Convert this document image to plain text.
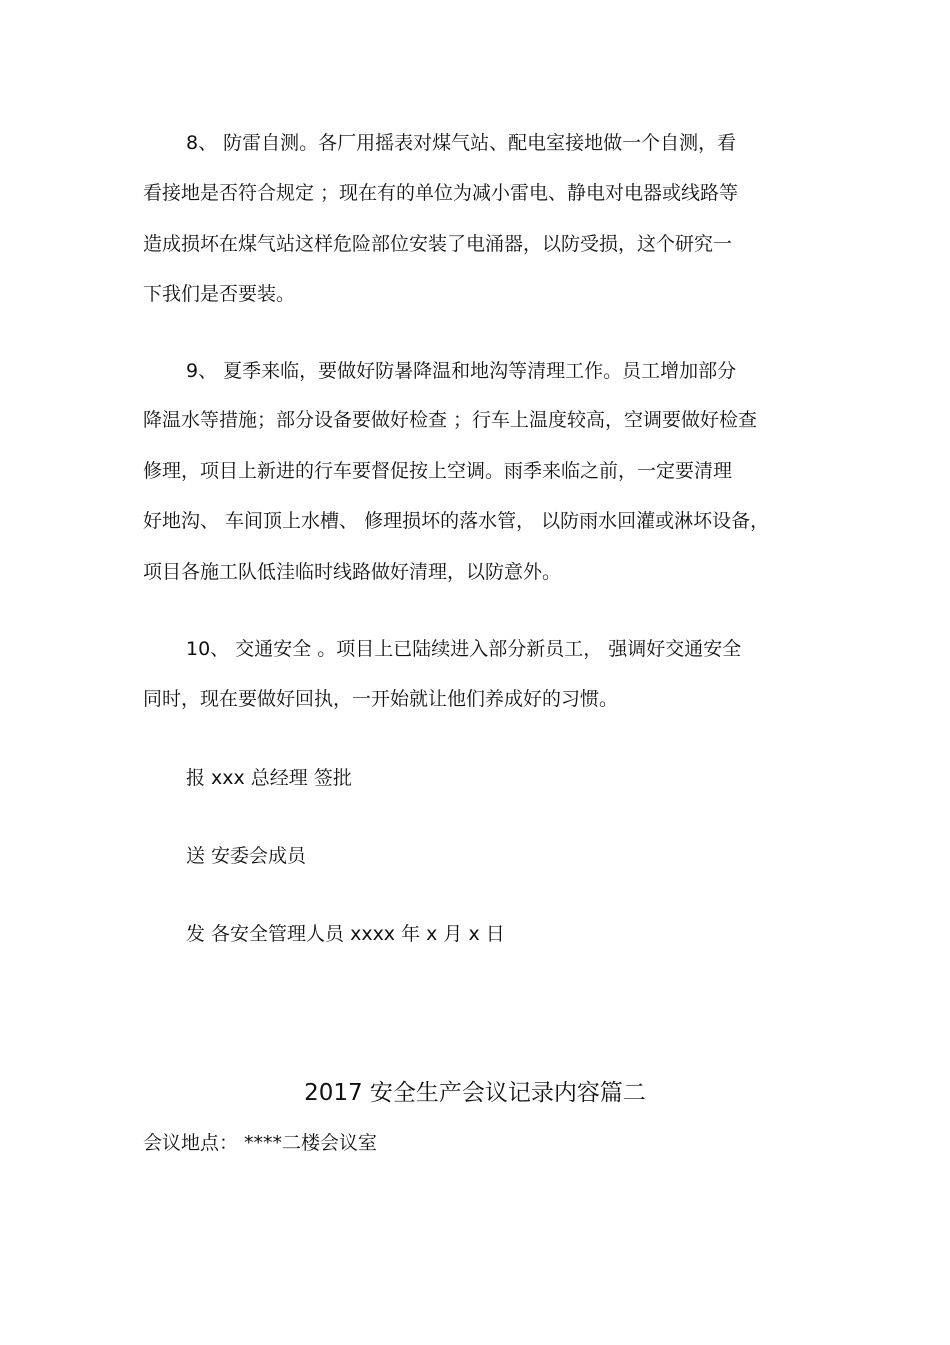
8、 防雷自测。各厂用摇表对煤气站、配电室接地做一个自测，看
看接地是否符合规定 ；现在有的单位为减小雷电、静电对电器或线路等
造成损坏在煤气站这样危险部位安装了电涌器，以防受损，这个研究一
下我们是否要装。
9、 夏季来临，要做好防暑降温和地沟等清理工作。员工增加部分
降温水等措施；部分设备要做好检查 ；行车上温度较高，空调要做好检查
修理，项目上新进的行车要督促按上空调。雨季来临之前，一定要清理
好地沟、 车间顶上水槽、 修理损坏的落水管， 以防雨水回灌或淋坏设备，
项目各施工队低洼临时线路做好清理，以防意外。
10、 交通安全 。项目上已陆续进入部分新员工， 强调好交通安全
同时，现在要做好回执，一开始就让他们养成好的习惯。
报 xxx 总经理 签批
送 安委会成员
发 各安全管理人员 xxxx 年 x 月 x 日
2017 安全生产会议记录内容篇二
会议地点： ****二楼会议室
